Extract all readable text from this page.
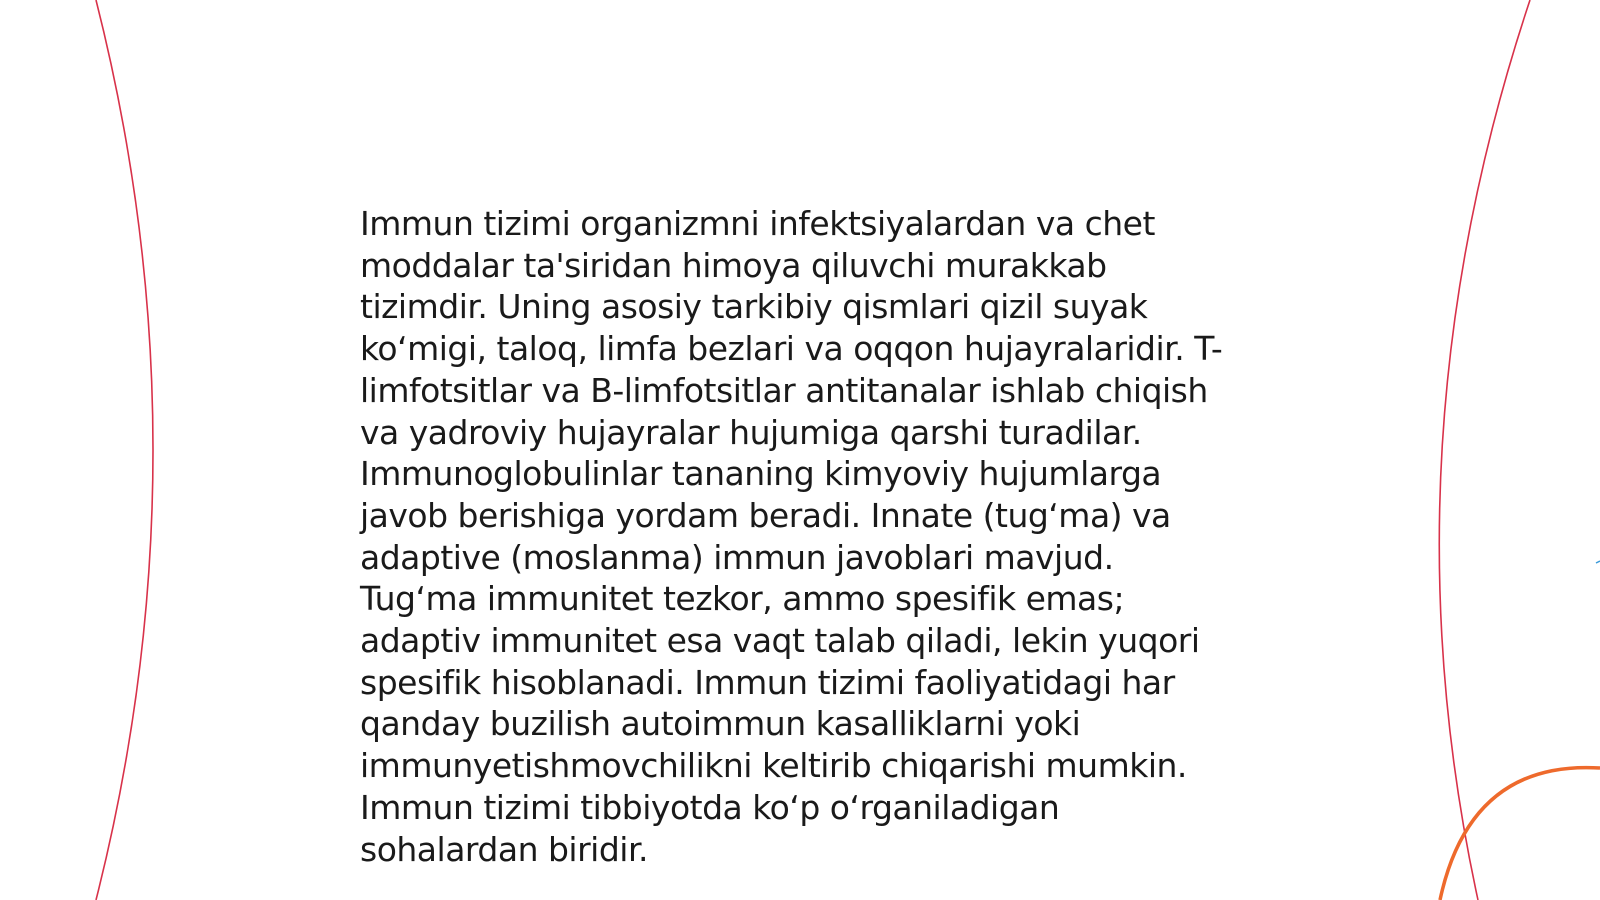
Immun tizimi organizmni infektsiyalardan va chet
moddalar ta'siridan himoya qiluvchi murakkab
tizimdir. Uning asosiy tarkibiy qismlari qizil suyak
ko‘migi, taloq, limfa bezlari va oqqon hujayralaridir. T-
limfotsitlar va B-limfotsitlar antitanalar ishlab chiqish
va yadroviy hujayralar hujumiga qarshi turadilar.
Immunoglobulinlar tananing kimyoviy hujumlarga
javob berishiga yordam beradi. Innate (tug‘ma) va
adaptive (moslanma) immun javoblari mavjud.
Tug‘ma immunitet tezkor, ammo spesifik emas;
adaptiv immunitet esa vaqt talab qiladi, lekin yuqori
spesifik hisoblanadi. Immun tizimi faoliyatidagi har
qanday buzilish autoimmun kasalliklarni yoki
immunyetishmovchilikni keltirib chiqarishi mumkin.
Immun tizimi tibbiyotda ko‘p o‘rganiladigan
sohalardan biridir.
